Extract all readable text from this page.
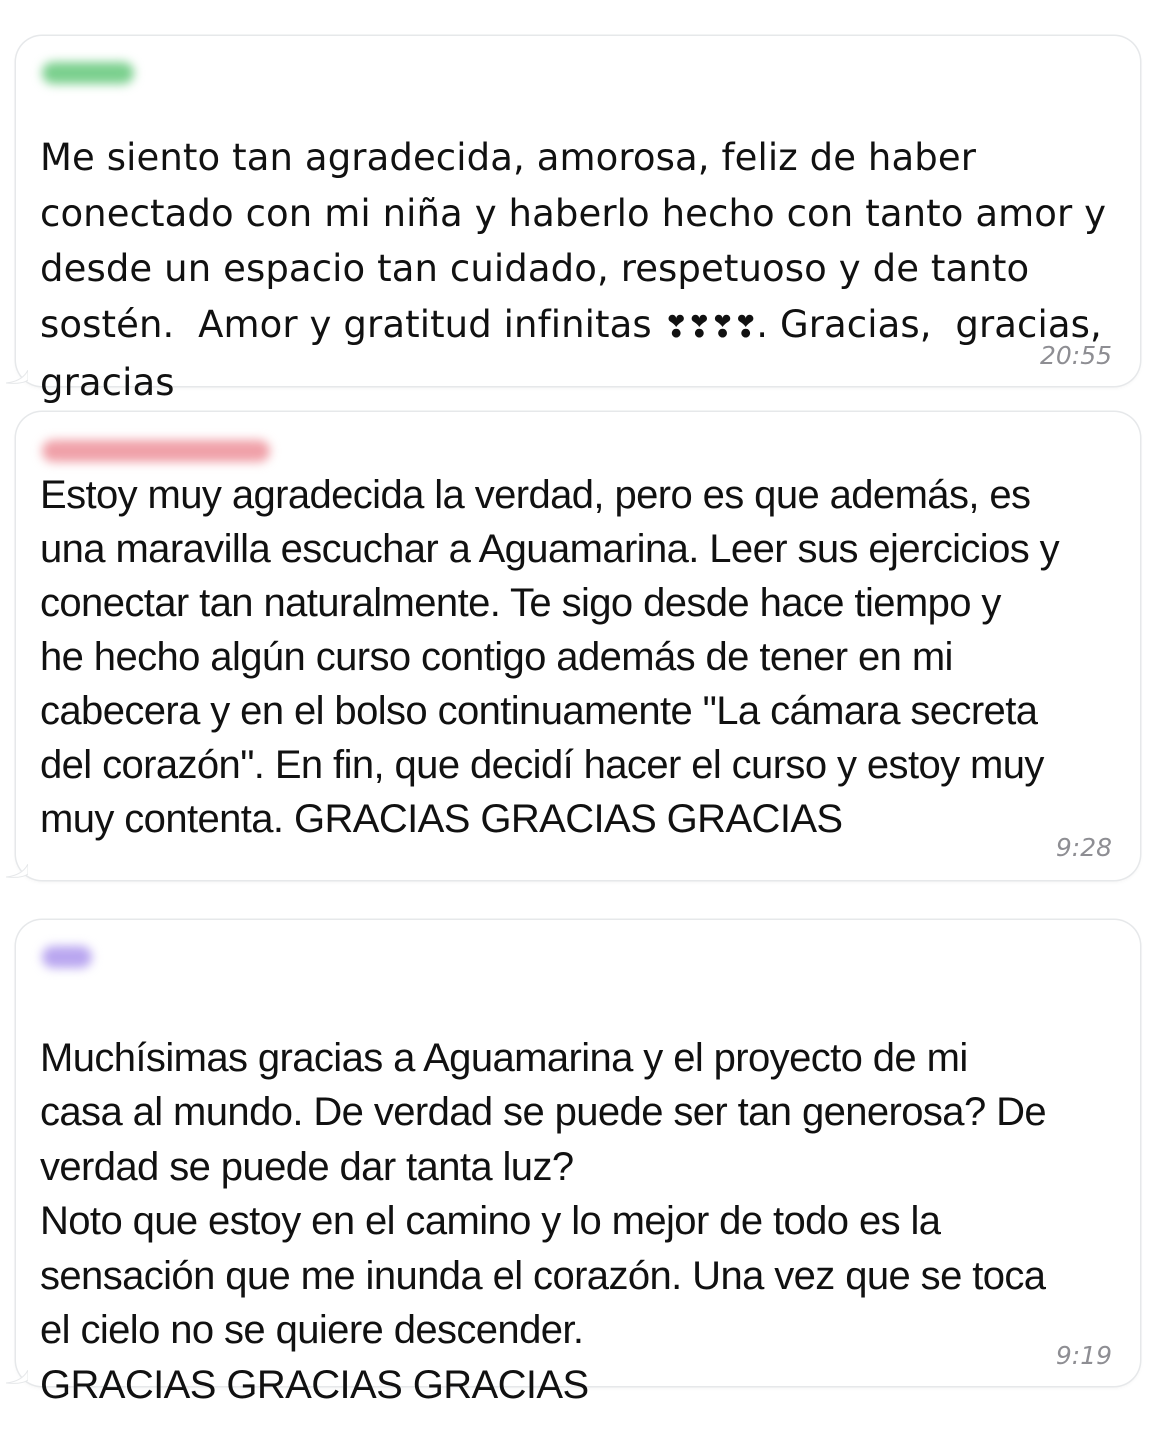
Me siento tan agradecida, amorosa, feliz de haber
conectado con mi niña y haberlo hecho con tanto amor y
desde un espacio tan cuidado, respetuoso y de tanto
sostén.  Amor y gratitud infinitas ❣❣❣❣. Gracias,  gracias,
gracias

20:55

Estoy muy agradecida la verdad, pero es que además, es
una maravilla escuchar a Aguamarina. Leer sus ejercicios y
conectar tan naturalmente. Te sigo desde hace tiempo y
he hecho algún curso contigo además de tener en mi
cabecera y en el bolso continuamente "La cámara secreta
del corazón". En fin, que decidí hacer el curso y estoy muy
muy contenta. GRACIAS GRACIAS GRACIAS

9:28

Muchísimas gracias a Aguamarina y el proyecto de mi
casa al mundo. De verdad se puede ser tan generosa? De
verdad se puede dar tanta luz?
Noto que estoy en el camino y lo mejor de todo es la
sensación que me inunda el corazón. Una vez que se toca
el cielo no se quiere descender.
GRACIAS GRACIAS GRACIAS

9:19
